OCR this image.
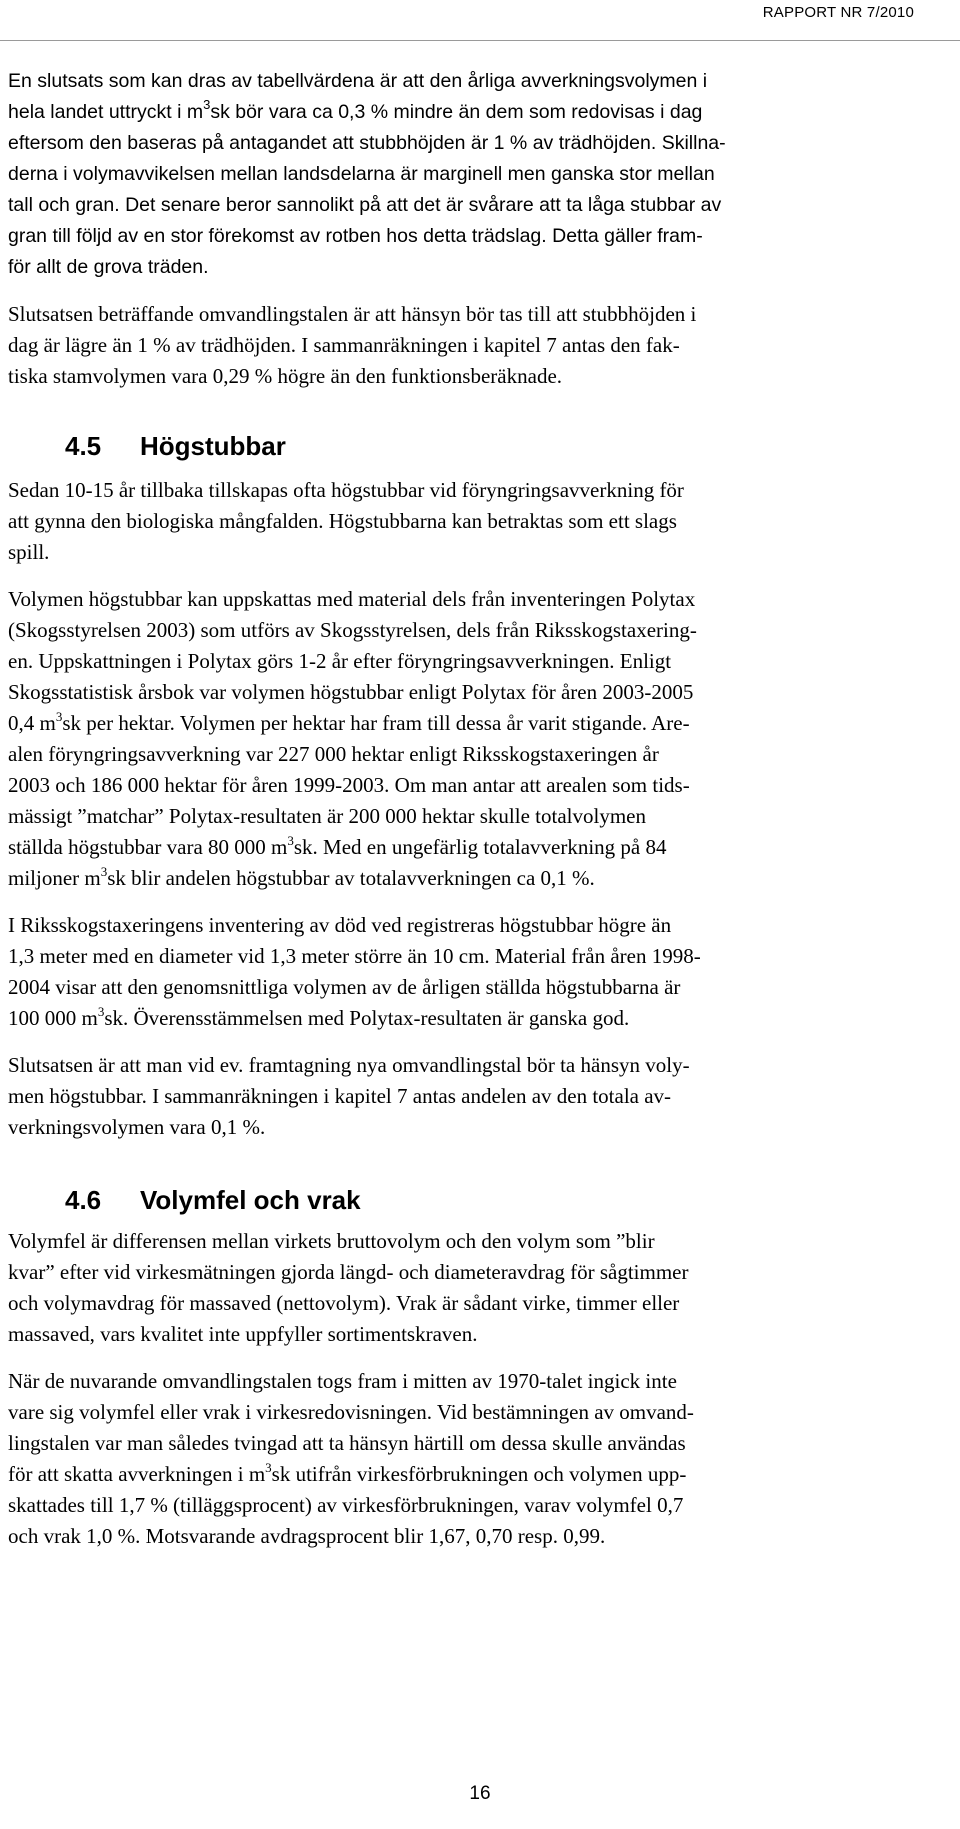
RAPPORT NR 7/2010

En slutsats som kan dras av tabellvärdena är att den årliga avverkningsvolymen i
hela landet uttryckt i $m^3sk$ bör vara ca 0,3 % mindre än dem som redovisas i dag
eftersom den baseras på antagandet att stubbhöjden är 1 % av trädhöjden. Skillna-
derna i volymavvikelsen mellan landsdelarna är marginell men ganska stor mellan
tall och gran. Det senare beror sannolikt på att det är svårare att ta låga stubbar av
gran till följd av en stor förekomst av rotben hos detta trädslag. Detta gäller fram-
för allt de grova träden.

Slutsatsen beträffande omvandlingstalen är att hänsyn bör tas till att stubbhöjden i
dag är lägre än 1 % av trädhöjden. I sammanräkningen i kapitel 7 antas den fak-
tiska stamvolymen vara 0,29 % högre än den funktionsberäknade.

4.5 Högstubbar

Sedan 10-15 år tillbaka tillskapas ofta högstubbar vid föryngringsavverkning för
att gynna den biologiska mångfalden. Högstubbarna kan betraktas som ett slags
spill.

Volymen högstubbar kan uppskattas med material dels från inventeringen Polytax
(Skogsstyrelsen 2003) som utförs av Skogsstyrelsen, dels från Riksskogstaxering-
en. Uppskattningen i Polytax görs 1-2 år efter föryngringsavverkningen. Enligt
Skogsstatistisk årsbok var volymen högstubbar enligt Polytax för åren 2003-2005
0,4 $m^3sk$ per hektar. Volymen per hektar har fram till dessa år varit stigande. Are-
alen föryngringsavverkning var 227 000 hektar enligt Riksskogstaxeringen år
2003 och 186 000 hektar för åren 1999-2003. Om man antar att arealen som tids-
mässigt ”matchar” Polytax-resultaten är 200 000 hektar skulle totalvolymen
ställda högstubbar vara 80 000 $m^3sk$. Med en ungefärlig totalavverkning på 84
miljoner $m^3sk$ blir andelen högstubbar av totalavverkningen ca 0,1 %.

I Riksskogstaxeringens inventering av död ved registreras högstubbar högre än
1,3 meter med en diameter vid 1,3 meter större än 10 cm. Material från åren 1998-
2004 visar att den genomsnittliga volymen av de årligen ställda högstubbarna är
100 000 $m^3sk$. Överensstämmelsen med Polytax-resultaten är ganska god.

Slutsatsen är att man vid ev. framtagning nya omvandlingstal bör ta hänsyn voly-
men högstubbar. I sammanräkningen i kapitel 7 antas andelen av den totala av-
verkningsvolymen vara 0,1 %.

4.6 Volymfel och vrak

Volymfel är differensen mellan virkets bruttovolym och den volym som ”blir
kvar” efter vid virkesmätningen gjorda längd- och diameteravdrag för sågtimmer
och volymavdrag för massaved (nettovolym). Vrak är sådant virke, timmer eller
massaved, vars kvalitet inte uppfyller sortimentskraven.

När de nuvarande omvandlingstalen togs fram i mitten av 1970-talet ingick inte
vare sig volymfel eller vrak i virkesredovisningen. Vid bestämningen av omvand-
lingstalen var man således tvingad att ta hänsyn härtill om dessa skulle användas
för att skatta avverkningen i $m^3sk$ utifrån virkesförbrukningen och volymen upp-
skattades till 1,7 % (tilläggsprocent) av virkesförbrukningen, varav volymfel 0,7
och vrak 1,0 %. Motsvarande avdragsprocent blir 1,67, 0,70 resp. 0,99.

16
